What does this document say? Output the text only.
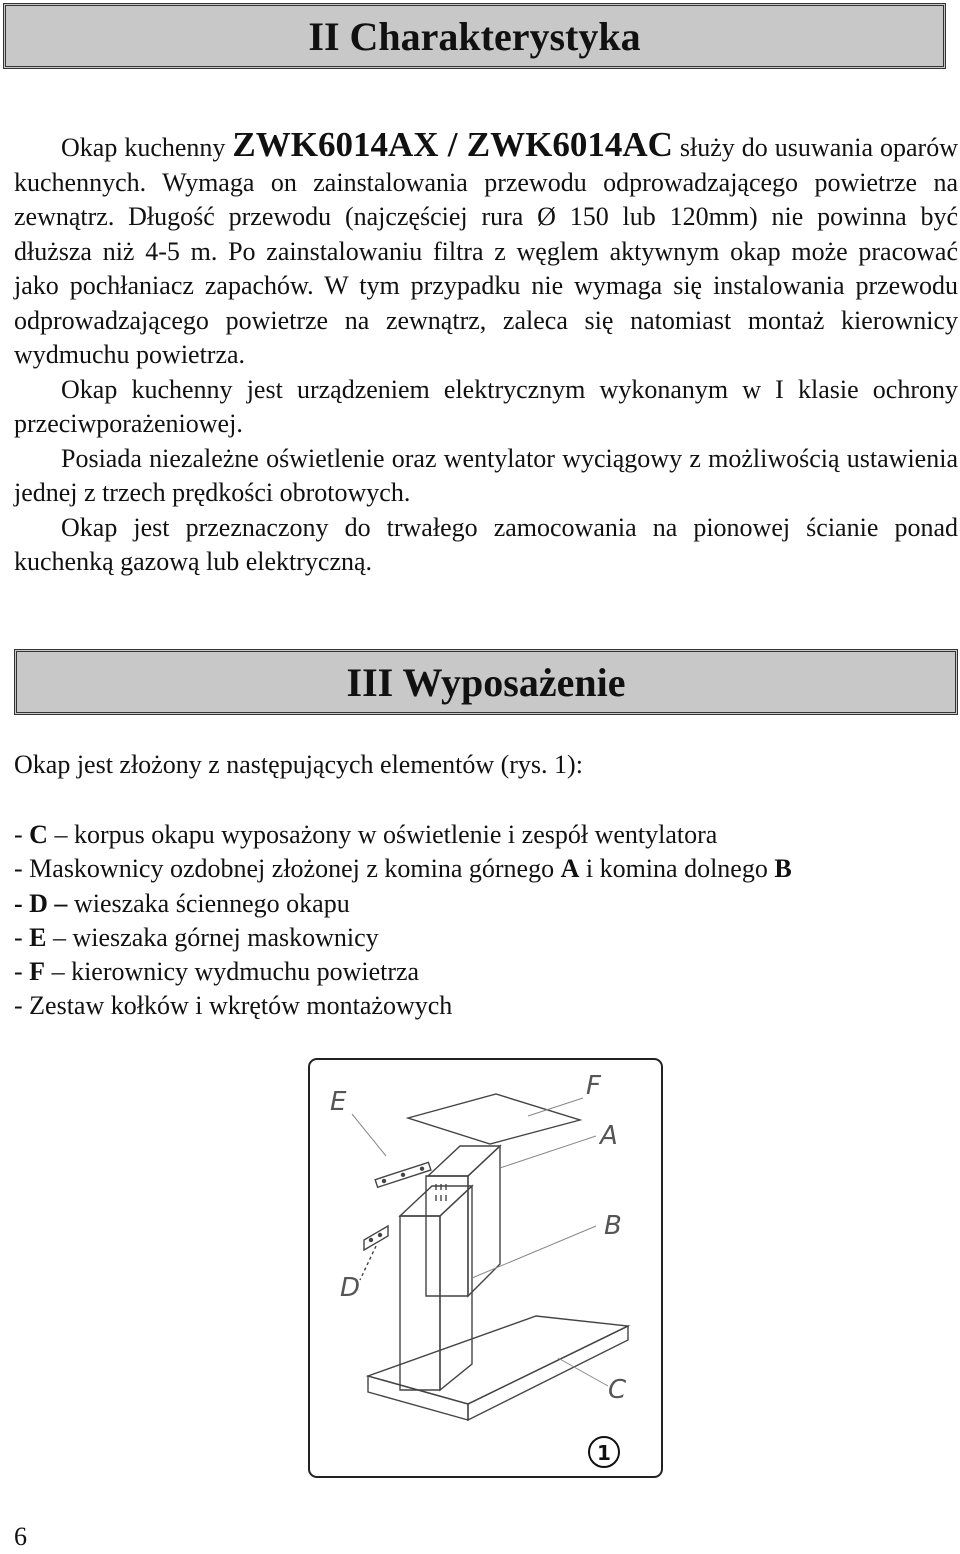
II Charakterystyka

Okap kuchenny ZWK6014AX / ZWK6014AC służy do usuwania oparów kuchennych. Wymaga on zainstalowania przewodu odprowadzającego powietrze na zewnątrz. Długość przewodu (najczęściej rura Ø 150 lub 120mm) nie powinna być dłuższa niż 4-5 m. Po zainstalowaniu filtra z węglem aktywnym okap może pracować jako pochłaniacz zapachów. W tym przypadku nie wymaga się instalowania przewodu odprowadzającego powietrze na zewnątrz, zaleca się natomiast montaż kierownicy wydmuchu powietrza.
Okap kuchenny jest urządzeniem elektrycznym wykonanym w I klasie ochrony przeciwporażeniowej.
Posiada niezależne oświetlenie oraz wentylator wyciągowy z możliwością ustawienia jednej z trzech prędkości obrotowych.
Okap jest przeznaczony do trwałego zamocowania na pionowej ścianie ponad kuchenką gazową lub elektryczną.

III Wyposażenie

Okap jest złożony z następujących elementów (rys. 1):

- C – korpus okapu wyposażony w oświetlenie i zespół wentylatora
- Maskownicy ozdobnej złożonej z komina górnego A i komina dolnego B
- D – wieszaka ściennego okapu
- E – wieszaka górnej maskownicy
- F – kierownicy wydmuchu powietrza
- Zestaw kołków i wkrętów montażowych
E
F
A
B
D
C
1
6
